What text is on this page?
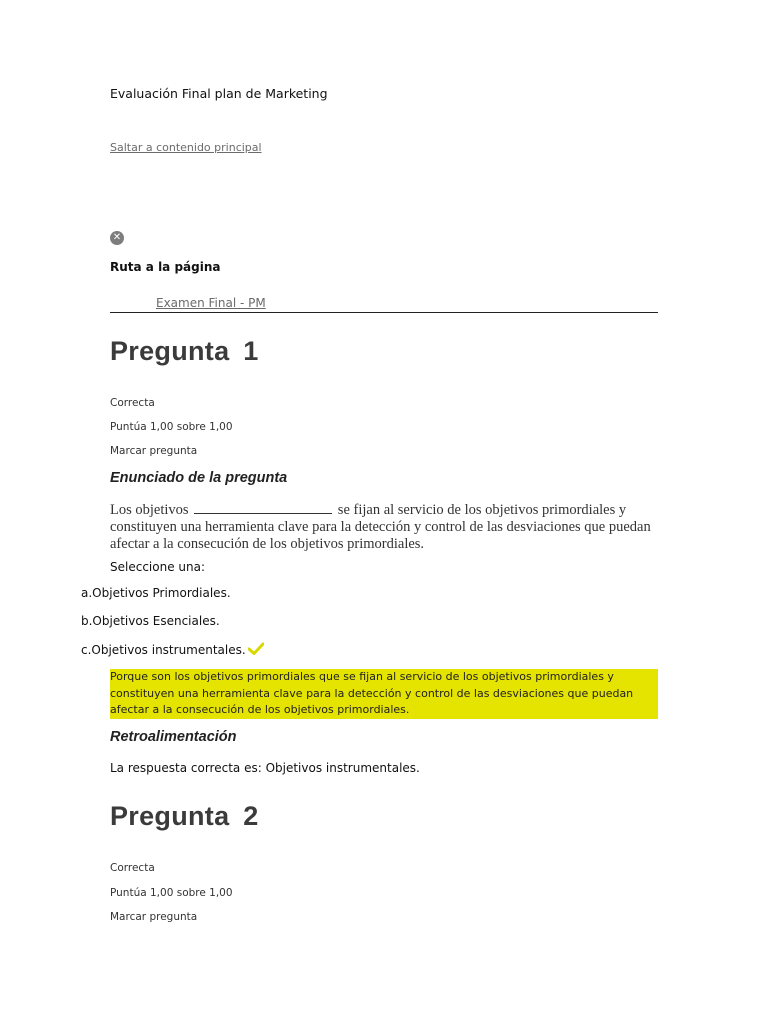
Evaluación Final plan de Marketing
Saltar a contenido principal
✕
Ruta a la página
Examen Final - PM
Pregunta 1
Correcta
Puntúa 1,00 sobre 1,00
Marcar pregunta
Enunciado de la pregunta
Los objetivos	se fijan al servicio de los objetivos primordiales y constituyen una herramienta clave para la detección y control de las desviaciones que puedan afectar a la consecución de los objetivos primordiales.
Seleccione una:
a.Objetivos Primordiales.
b.Objetivos Esenciales.
c.Objetivos instrumentales.
Porque son los objetivos primordiales que se fijan al servicio de los objetivos primordiales y constituyen una herramienta clave para la detección y control de las desviaciones que puedan afectar a la consecución de los objetivos primordiales.
Retroalimentación
La respuesta correcta es: Objetivos instrumentales.
Pregunta 2
Correcta
Puntúa 1,00 sobre 1,00
Marcar pregunta
